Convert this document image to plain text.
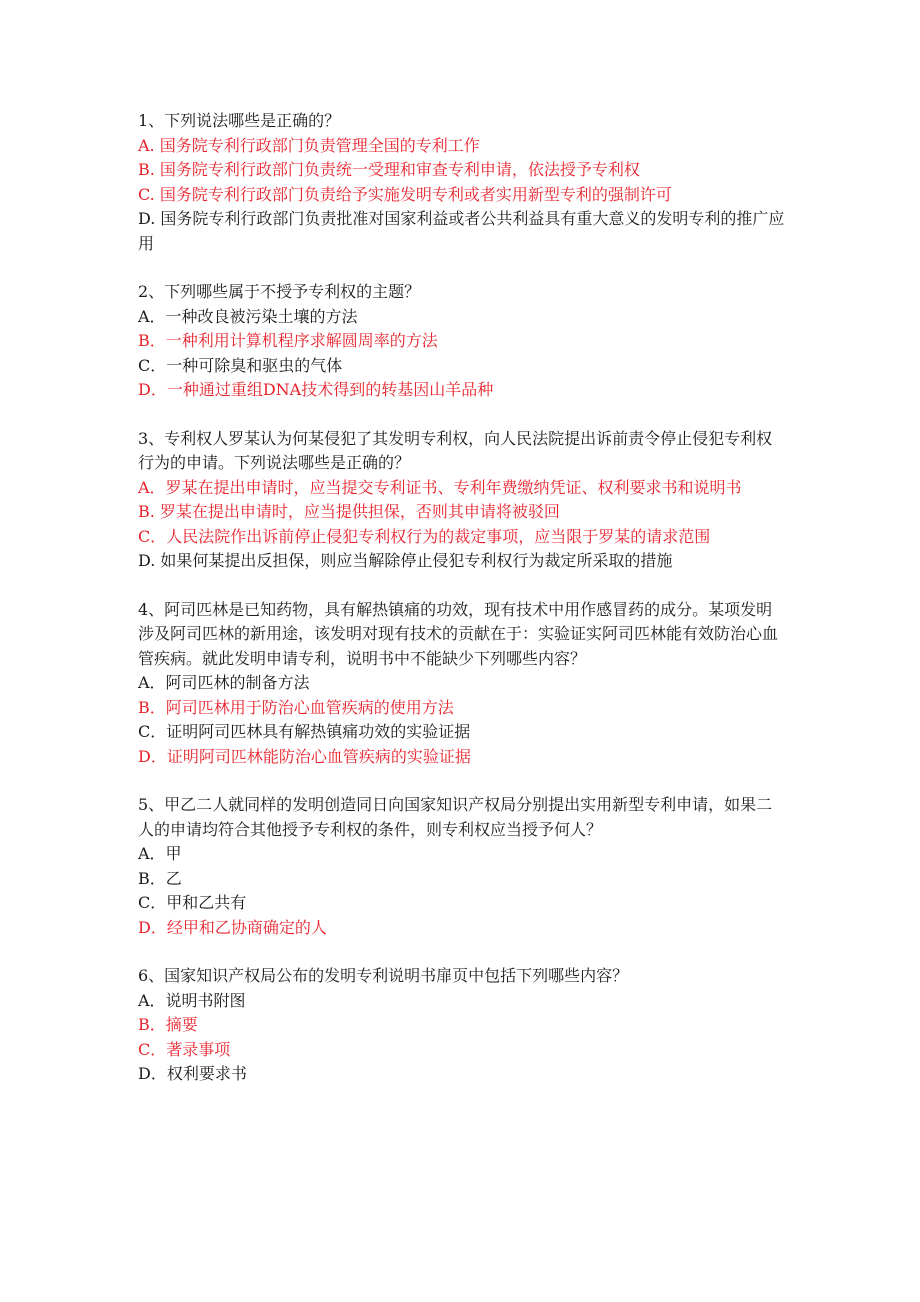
1、下列说法哪些是正确的？
A. 国务院专利行政部门负责管理全国的专利工作
B. 国务院专利行政部门负责统一受理和审查专利申请，依法授予专利权
C. 国务院专利行政部门负责给予实施发明专利或者实用新型专利的强制许可
D. 国务院专利行政部门负责批准对国家利益或者公共利益具有重大意义的发明专利的推广应用
2、下列哪些属于不授予专利权的主题？
A．一种改良被污染土壤的方法
B．一种利用计算机程序求解圆周率的方法
C．一种可除臭和驱虫的气体
D．一种通过重组DNA技术得到的转基因山羊品种
3、专利权人罗某认为何某侵犯了其发明专利权，向人民法院提出诉前责令停止侵犯专利权行为的申请。下列说法哪些是正确的？
A．罗某在提出申请时，应当提交专利证书、专利年费缴纳凭证、权利要求书和说明书
B. 罗某在提出申请时，应当提供担保，否则其申请将被驳回
C．人民法院作出诉前停止侵犯专利权行为的裁定事项，应当限于罗某的请求范围
D. 如果何某提出反担保，则应当解除停止侵犯专利权行为裁定所采取的措施
4、阿司匹林是已知药物，具有解热镇痛的功效，现有技术中用作感冒药的成分。某项发明涉及阿司匹林的新用途，该发明对现有技术的贡献在于：实验证实阿司匹林能有效防治心血管疾病。就此发明申请专利，说明书中不能缺少下列哪些内容？
A．阿司匹林的制备方法
B．阿司匹林用于防治心血管疾病的使用方法
C．证明阿司匹林具有解热镇痛功效的实验证据
D．证明阿司匹林能防治心血管疾病的实验证据
5、甲乙二人就同样的发明创造同日向国家知识产权局分别提出实用新型专利申请，如果二人的申请均符合其他授予专利权的条件，则专利权应当授予何人？
A．甲
B．乙
C．甲和乙共有
D．经甲和乙协商确定的人
6、国家知识产权局公布的发明专利说明书扉页中包括下列哪些内容？
A．说明书附图
B．摘要
C．著录事项
D．权利要求书
